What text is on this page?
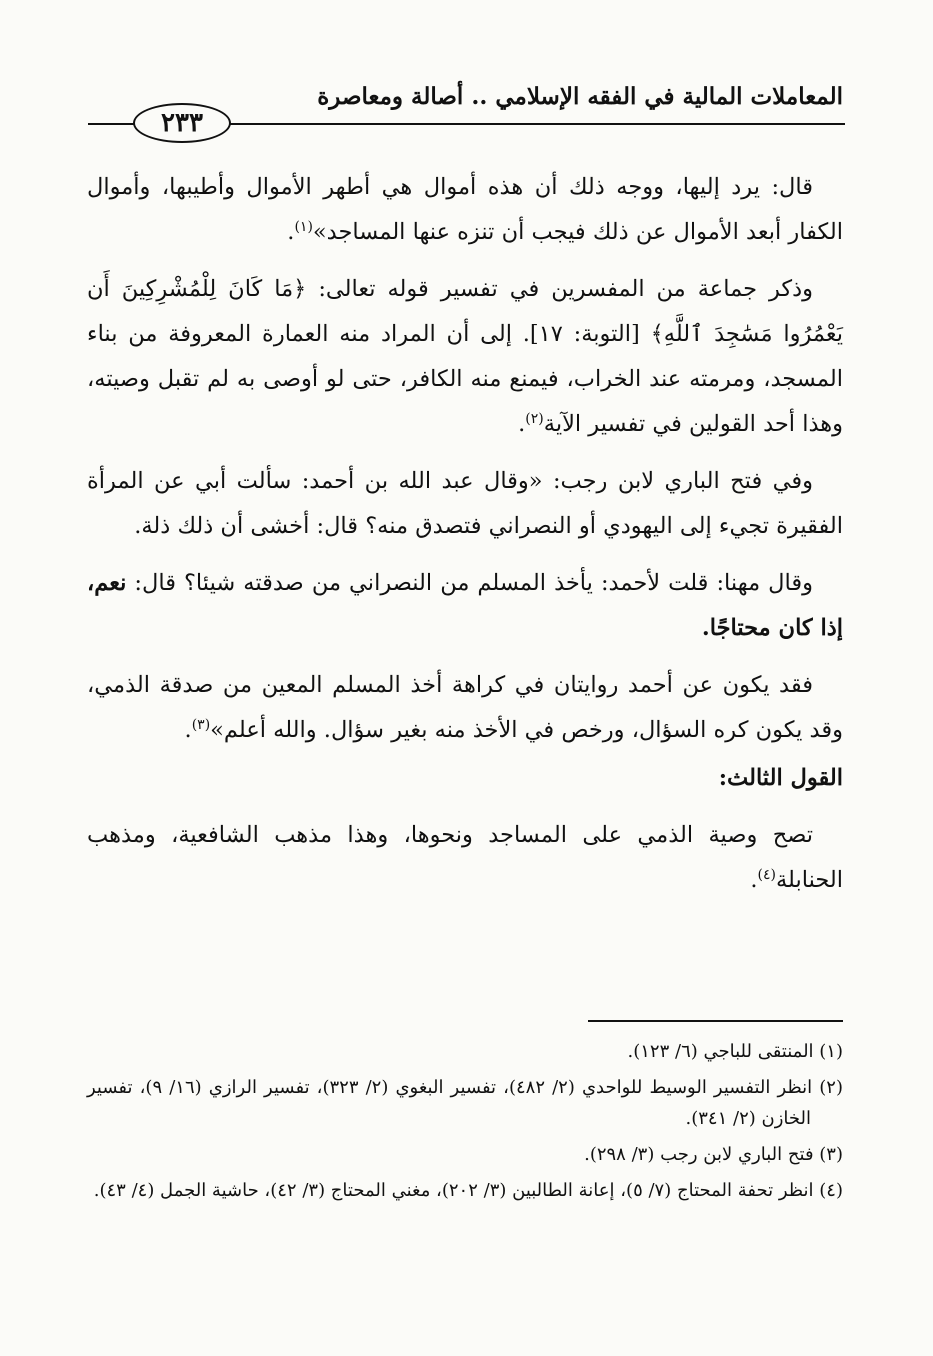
المعاملات المالية في الفقه الإسلامي .. أصالة ومعاصرة
٢٣٣

قال: يرد إليها، ووجه ذلك أن هذه أموال هي أطهر الأموال وأطيبها، وأموال الكفار أبعد الأموال عن ذلك فيجب أن تنزه عنها المساجد»$^{(١)}$.

وذكر جماعة من المفسرين في تفسير قوله تعالى: ﴿مَا كَانَ لِلْمُشْرِكِينَ أَن يَعْمُرُوا مَسَٰجِدَ ٱللَّهِ﴾ [التوبة: ١٧]. إلى أن المراد منه العمارة المعروفة من بناء المسجد، ومرمته عند الخراب، فيمنع منه الكافر، حتى لو أوصى به لم تقبل وصيته، وهذا أحد القولين في تفسير الآية$^{(٢)}$.

وفي فتح الباري لابن رجب: «وقال عبد الله بن أحمد: سألت أبي عن المرأة الفقيرة تجيء إلى اليهودي أو النصراني فتصدق منه؟ قال: أخشى أن ذلك ذلة.

وقال مهنا: قلت لأحمد: يأخذ المسلم من النصراني من صدقته شيئا؟ قال: نعم، إذا كان محتاجًا.

فقد يكون عن أحمد روايتان في كراهة أخذ المسلم المعين من صدقة الذمي، وقد يكون كره السؤال، ورخص في الأخذ منه بغير سؤال. والله أعلم»$^{(٣)}$.

القول الثالث:

تصح وصية الذمي على المساجد ونحوها، وهذا مذهب الشافعية، ومذهب الحنابلة$^{(٤)}$.

(١) المنتقى للباجي (٦/ ١٢٣).

(٢) انظر التفسير الوسيط للواحدي (٢/ ٤٨٢)، تفسير البغوي (٢/ ٣٢٣)، تفسير الرازي (١٦/ ٩)، تفسير الخازن (٢/ ٣٤١).

(٣) فتح الباري لابن رجب (٣/ ٢٩٨).

(٤) انظر تحفة المحتاج (٧/ ٥)، إعانة الطالبين (٣/ ٢٠٢)، مغني المحتاج (٣/ ٤٢)، حاشية الجمل (٤/ ٤٣).
